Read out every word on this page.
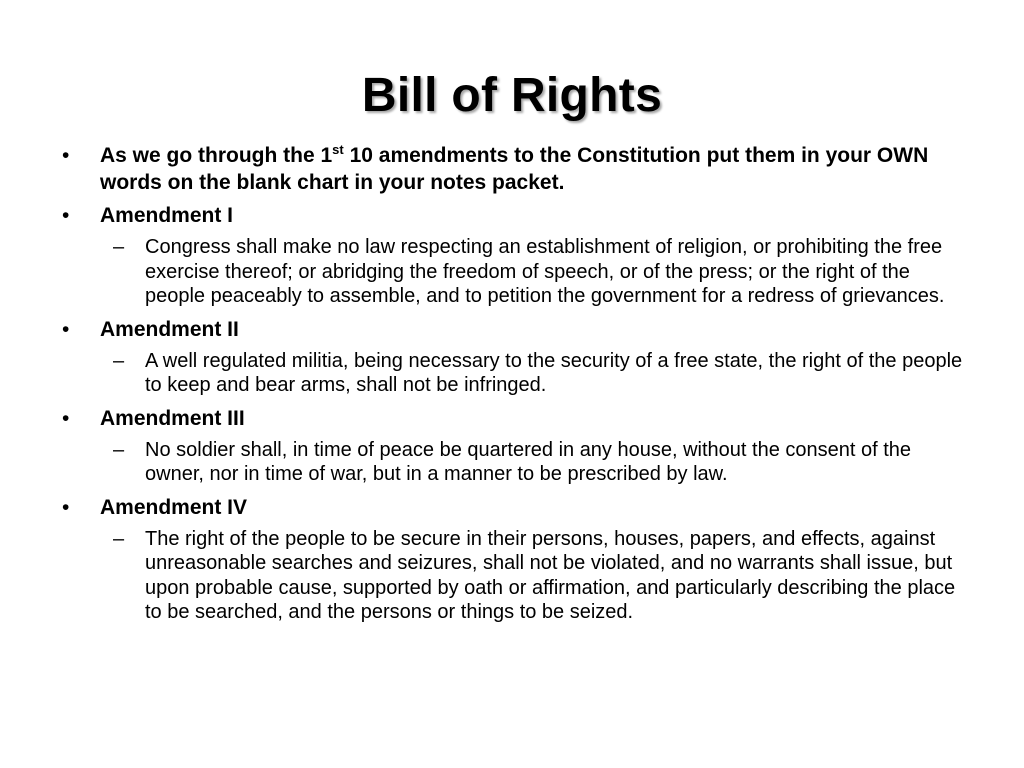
Bill of Rights
• As we go through the 1st 10 amendments to the Constitution put them in your OWN words on the blank chart in your notes packet.
• Amendment I
– Congress shall make no law respecting an establishment of religion, or prohibiting the free exercise thereof; or abridging the freedom of speech, or of the press; or the right of the people peaceably to assemble, and to petition the government for a redress of grievances.
• Amendment II
– A well regulated militia, being necessary to the security of a free state, the right of the people to keep and bear arms, shall not be infringed.
• Amendment III
– No soldier shall, in time of peace be quartered in any house, without the consent of the owner, nor in time of war, but in a manner to be prescribed by law.
• Amendment IV
– The right of the people to be secure in their persons, houses, papers, and effects, against unreasonable searches and seizures, shall not be violated, and no warrants shall issue, but upon probable cause, supported by oath or affirmation, and particularly describing the place to be searched, and the persons or things to be seized.
